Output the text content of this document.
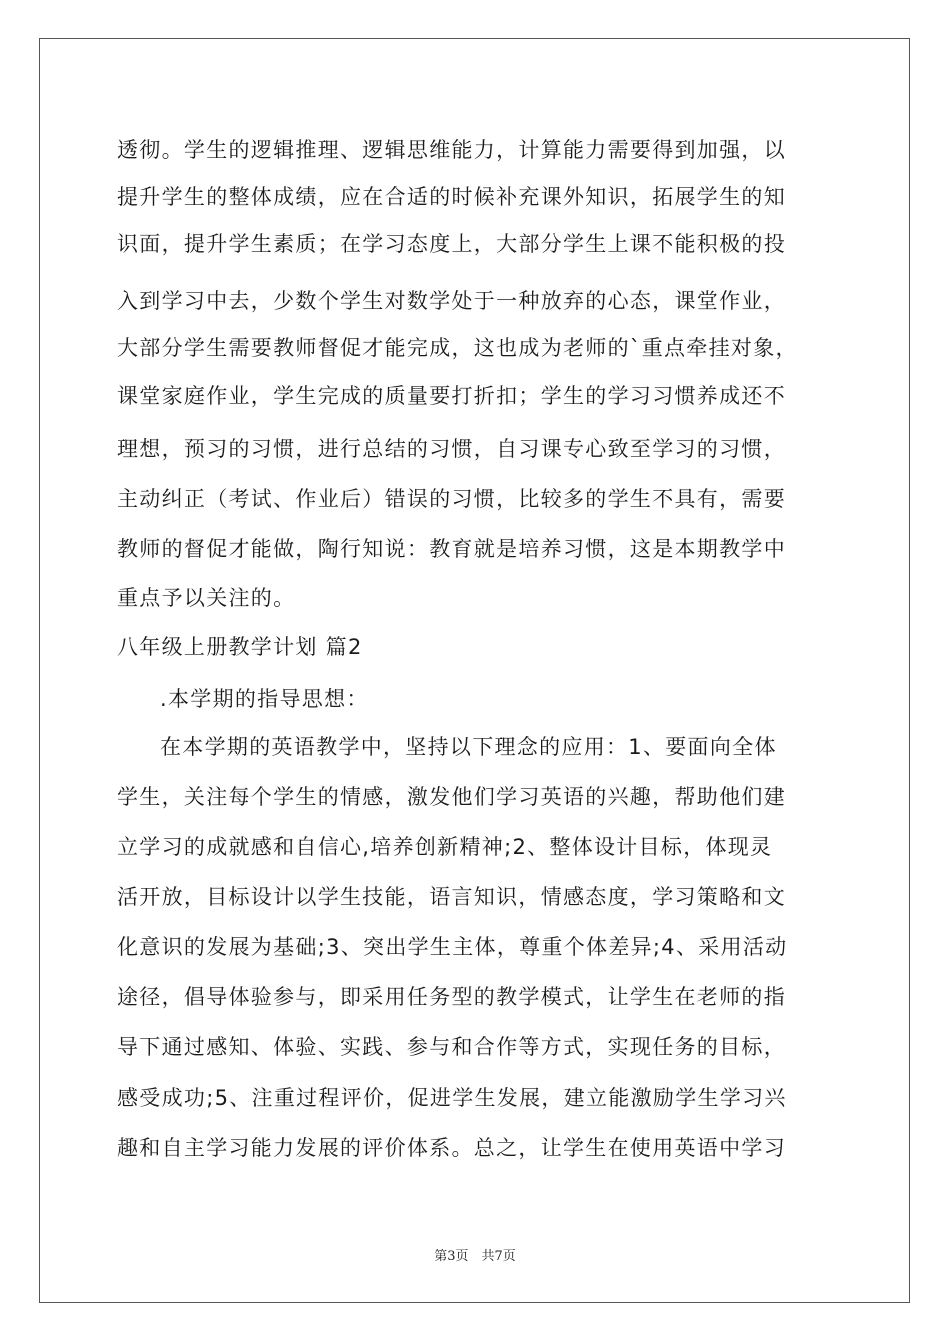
透彻。学生的逻辑推理、逻辑思维能力，计算能力需要得到加强，以
提升学生的整体成绩，应在合适的时候补充课外知识，拓展学生的知
识面，提升学生素质；在学习态度上，大部分学生上课不能积极的投
入到学习中去，少数个学生对数学处于一种放弃的心态，课堂作业，
大部分学生需要教师督促才能完成，这也成为老师的`重点牵挂对象，
课堂家庭作业，学生完成的质量要打折扣；学生的学习习惯养成还不
理想，预习的习惯，进行总结的习惯，自习课专心致至学习的习惯，
主动纠正（考试、作业后）错误的习惯，比较多的学生不具有，需要
教师的督促才能做，陶行知说：教育就是培养习惯，这是本期教学中
重点予以关注的。
八年级上册教学计划 篇2
.本学期的指导思想：
在本学期的英语教学中，坚持以下理念的应用：1、要面向全体
学生，关注每个学生的情感，激发他们学习英语的兴趣，帮助他们建
立学习的成就感和自信心,培养创新精神;2、整体设计目标，体现灵
活开放，目标设计以学生技能，语言知识，情感态度，学习策略和文
化意识的发展为基础;3、突出学生主体，尊重个体差异;4、采用活动
途径，倡导体验参与，即采用任务型的教学模式，让学生在老师的指
导下通过感知、体验、实践、参与和合作等方式，实现任务的目标，
感受成功;5、注重过程评价，促进学生发展，建立能激励学生学习兴
趣和自主学习能力发展的评价体系。总之，让学生在使用英语中学习
第3页　共7页
